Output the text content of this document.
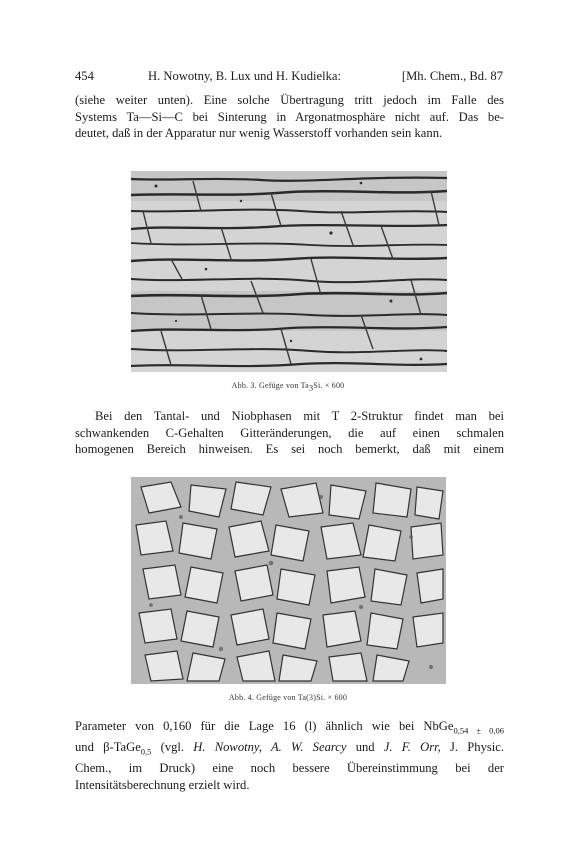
454	H. Nowotny, B. Lux und H. Kudielka:	[Mh. Chem., Bd. 87
(siehe weiter unten). Eine solche Übertragung tritt jedoch im Falle des
Systems Ta—Si—C bei Sinterung in Argonatmosphäre nicht auf. Das be-
deutet, daß in der Apparatur nur wenig Wasserstoff vorhanden sein kann.
Abb. 3. Gefüge von $Ta_3Si$. × 600
Bei den Tantal- und Niobphasen mit T 2-Struktur findet man bei
schwankenden C-Gehalten Gitteränderungen, die auf einen schmalen
homogenen Bereich hinweisen. Es sei noch bemerkt, daß mit einem
Abb. 4. Gefüge von Ta(3)Si. × 600
Parameter von 0,160 für die Lage 16 (l) ähnlich wie bei NbGe$_{0,54 \pm 0,06}$
und β-TaGe$_{0,5}$ (vgl. H. Nowotny, A. W. Searcy und J. F. Orr, J. Physic.
Chem., im Druck) eine noch bessere Übereinstimmung bei der
Intensitätsberechnung erzielt wird.
